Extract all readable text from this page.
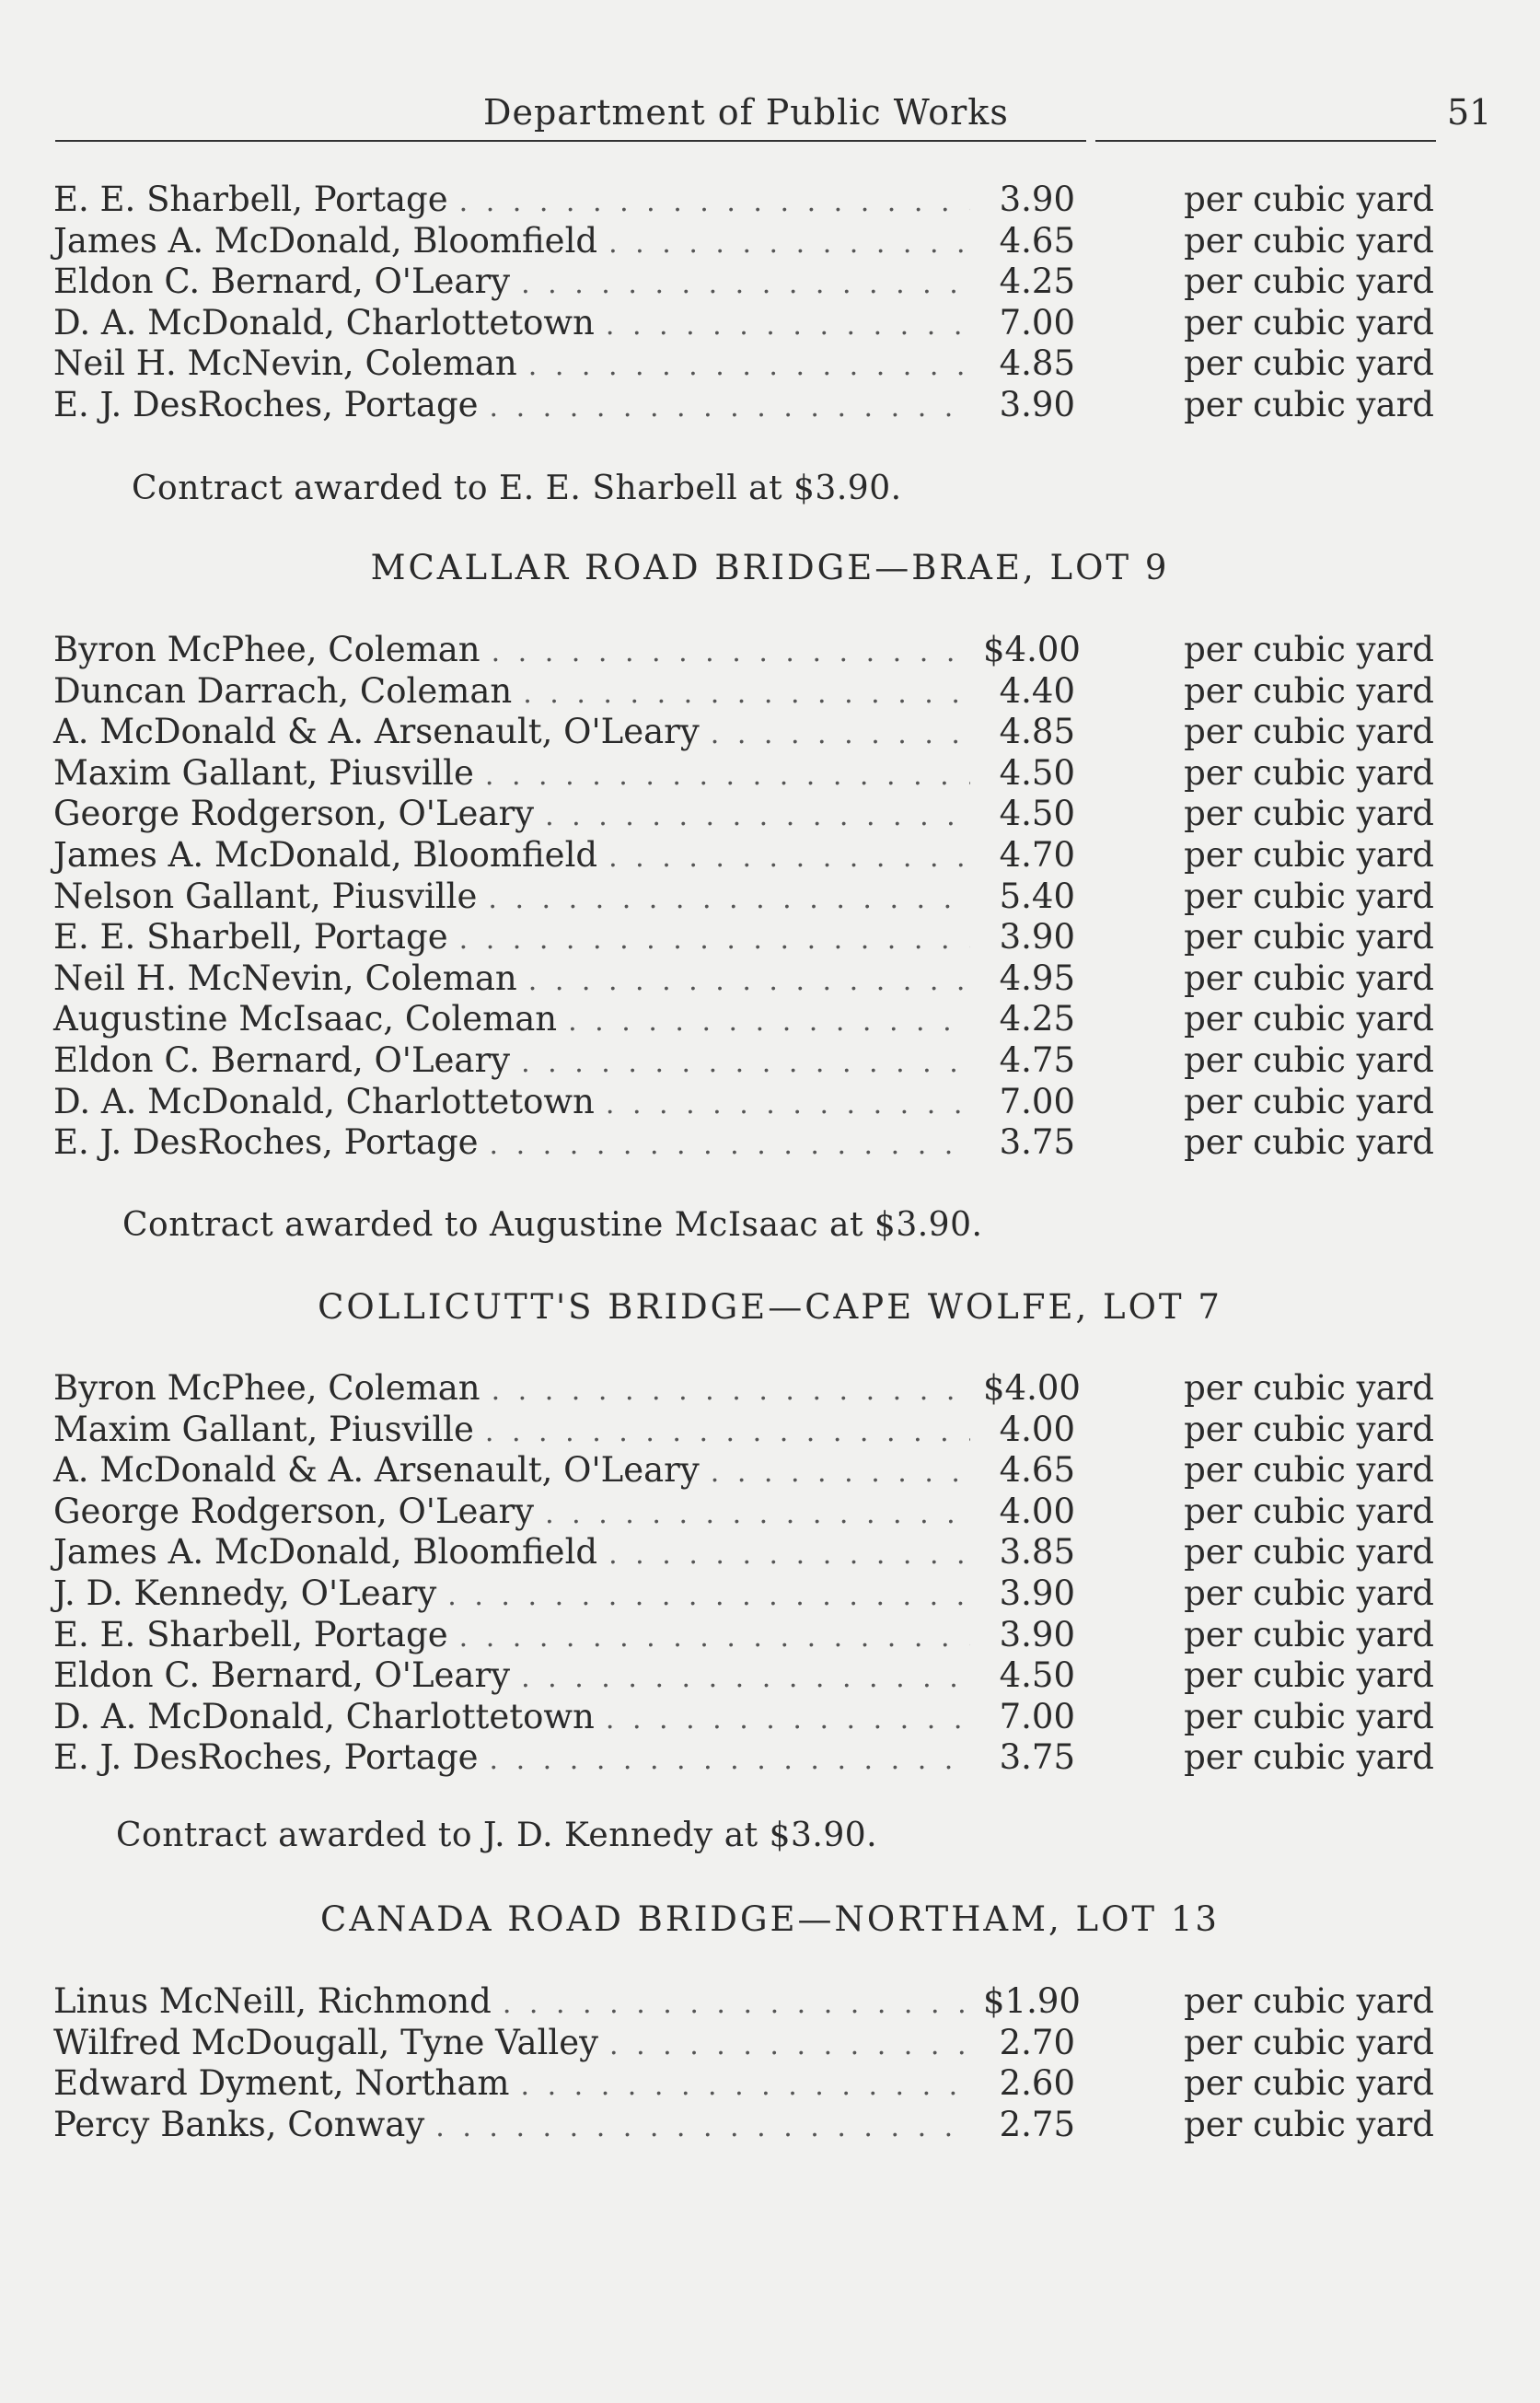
Department of Public Works	51
E. E. Sharbell, Portage . . .	3.90	per cubic yard
James A. McDonald, Bloomfield . . .	4.65	per cubic yard
Eldon C. Bernard, O'Leary . . .	4.25	per cubic yard
D. A. McDonald, Charlottetown . . .	7.00	per cubic yard
Neil H. McNevin, Coleman . . .	4.85	per cubic yard
E. J. DesRoches, Portage . . .	3.90	per cubic yard
Contract awarded to E. E. Sharbell at $3.90.
MCALLAR ROAD BRIDGE—BRAE, LOT 9
Byron McPhee, Coleman . . .	$4.00	per cubic yard
Duncan Darrach, Coleman . . .	4.40	per cubic yard
A. McDonald & A. Arsenault, O'Leary . . .	4.85	per cubic yard
Maxim Gallant, Piusville . . .	4.50	per cubic yard
George Rodgerson, O'Leary . . .	4.50	per cubic yard
James A. McDonald, Bloomfield . . .	4.70	per cubic yard
Nelson Gallant, Piusville . . .	5.40	per cubic yard
E. E. Sharbell, Portage . . .	3.90	per cubic yard
Neil H. McNevin, Coleman . . .	4.95	per cubic yard
Augustine McIsaac, Coleman . . .	4.25	per cubic yard
Eldon C. Bernard, O'Leary . . .	4.75	per cubic yard
D. A. McDonald, Charlottetown . . .	7.00	per cubic yard
E. J. DesRoches, Portage . . .	3.75	per cubic yard
Contract awarded to Augustine McIsaac at $3.90.
COLLICUTT'S BRIDGE—CAPE WOLFE, LOT 7
Byron McPhee, Coleman . . .	$4.00	per cubic yard
Maxim Gallant, Piusville . . .	4.00	per cubic yard
A. McDonald & A. Arsenault, O'Leary . . .	4.65	per cubic yard
George Rodgerson, O'Leary . . .	4.00	per cubic yard
James A. McDonald, Bloomfield . . .	3.85	per cubic yard
J. D. Kennedy, O'Leary . . .	3.90	per cubic yard
E. E. Sharbell, Portage . . .	3.90	per cubic yard
Eldon C. Bernard, O'Leary . . .	4.50	per cubic yard
D. A. McDonald, Charlottetown . . .	7.00	per cubic yard
E. J. DesRoches, Portage . . .	3.75	per cubic yard
Contract awarded to J. D. Kennedy at $3.90.
CANADA ROAD BRIDGE—NORTHAM, LOT 13
Linus McNeill, Richmond . . .	$1.90	per cubic yard
Wilfred McDougall, Tyne Valley . . .	2.70	per cubic yard
Edward Dyment, Northam . . .	2.60	per cubic yard
Percy Banks, Conway . . .	2.75	per cubic yard
